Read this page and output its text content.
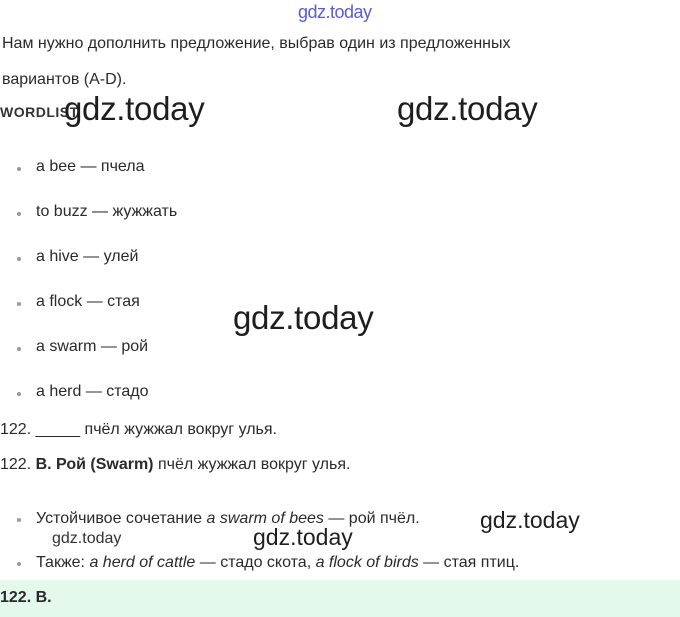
gdz.today
Нам нужно дополнить предложение, выбрав один из предложенных
вариантов (A-D).
WORDLIST
gdz.today	gdz.today
a bee — пчела
to buzz — жужжать
a hive — улей
a flock — стая
a swarm — рой
a herd — стадо
gdz.today
122. _____ пчёл жужжал вокруг улья.
122. B. Рой (Swarm) пчёл жужжал вокруг улья.
Устойчивое сочетание a swarm of bees — рой пчёл.	gdz.today
gdz.today	gdz.today
Также: a herd of cattle — стадо скота, a flock of birds — стая птиц.
122. B.
